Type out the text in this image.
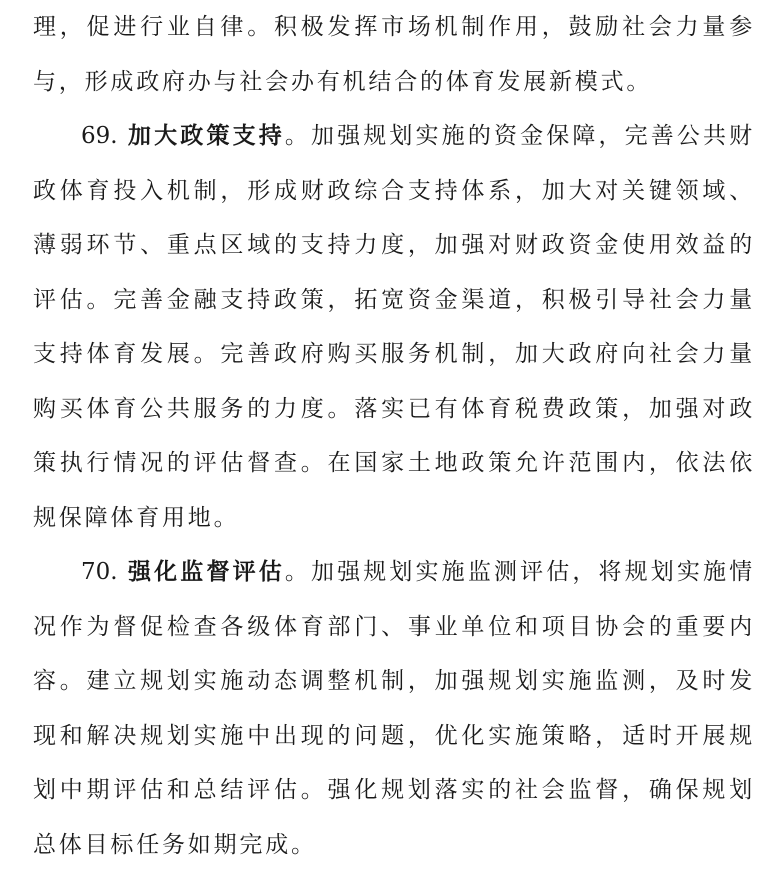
理，促进行业自律。积极发挥市场机制作用，鼓励社会力量参与，形成政府办与社会办有机结合的体育发展新模式。

69. 加大政策支持。加强规划实施的资金保障，完善公共财政体育投入机制，形成财政综合支持体系，加大对关键领域、薄弱环节、重点区域的支持力度，加强对财政资金使用效益的评估。完善金融支持政策，拓宽资金渠道，积极引导社会力量支持体育发展。完善政府购买服务机制，加大政府向社会力量购买体育公共服务的力度。落实已有体育税费政策，加强对政策执行情况的评估督查。在国家土地政策允许范围内，依法依规保障体育用地。

70. 强化监督评估。加强规划实施监测评估，将规划实施情况作为督促检查各级体育部门、事业单位和项目协会的重要内容。建立规划实施动态调整机制，加强规划实施监测，及时发现和解决规划实施中出现的问题，优化实施策略，适时开展规划中期评估和总结评估。强化规划落实的社会监督，确保规划总体目标任务如期完成。
